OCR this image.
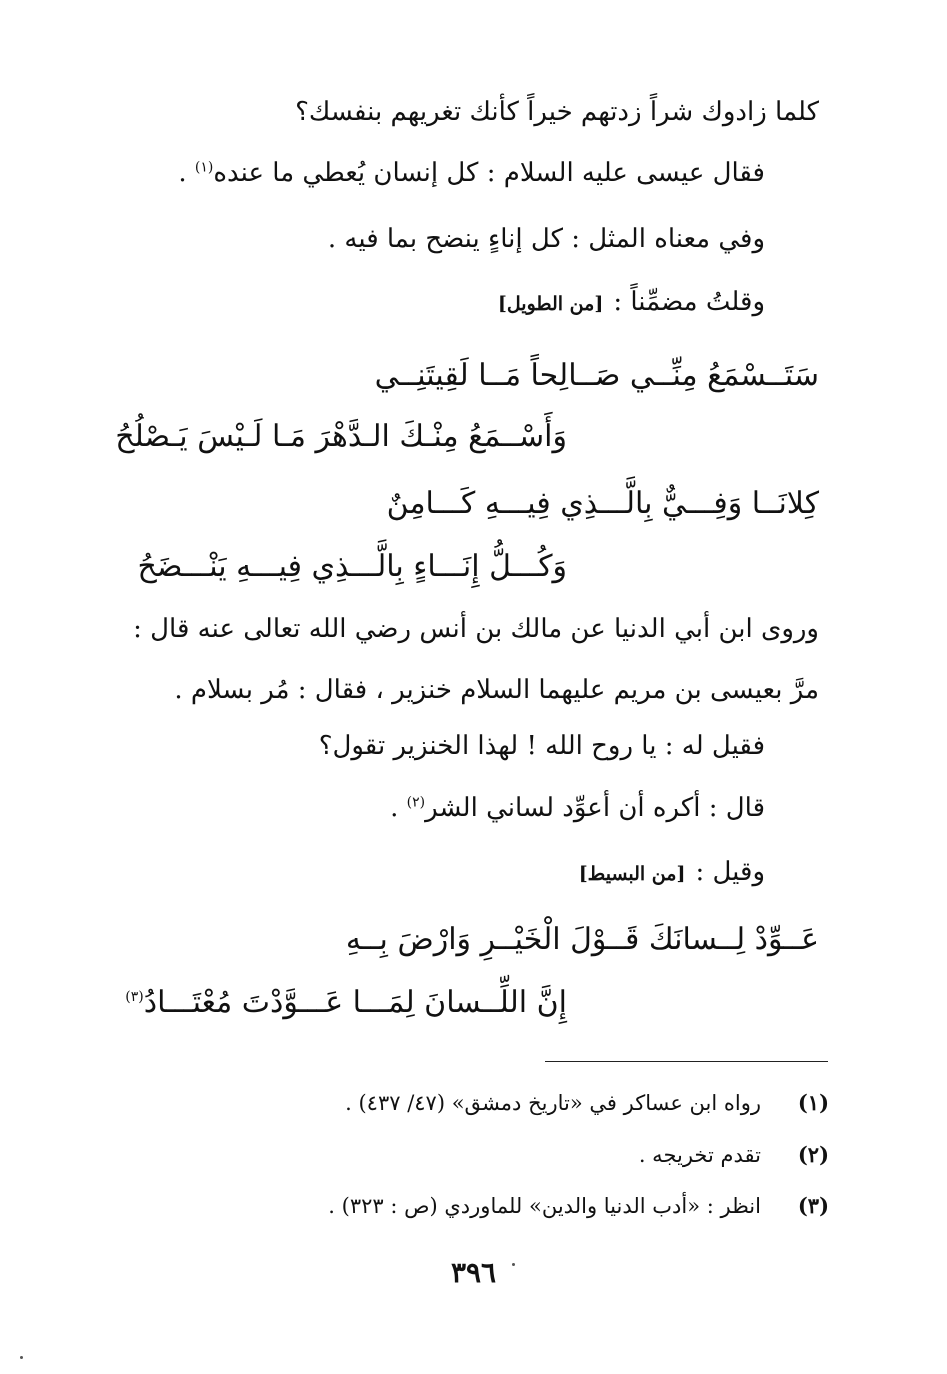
كلما زادوك شراً زدتهم خيراً كأنك تغريهم بنفسك؟
فقال عيسى عليه السلام : كل إنسان يُعطي ما عنده$^{(١)}$ .
وفي معناه المثل : كل إناءٍ ينضح بما فيه .
وقلتُ مضمِّناً :[من الطويل]
سَتَــسْمَعُ مِنِّــي صَــالِحاً مَــا لَقِيتَنِــي
وَأَسْــمَعُ مِنْـكَ الـدَّهْرَ مَـا لَـيْسَ يَـصْلُحُ
كِلانَــا وَفِـــيٌّ بِالَّـــذِي فِيـــهِ كَـــامِنٌ
وَكُـــلُّ إِنَـــاءٍ بِالَّـــذِي فِيـــهِ يَنْـــضَحُ
وروى ابن أبي الدنيا عن مالك بن أنس رضي الله تعالى عنه قال :
مرَّ بعيسى بن مريم عليهما السلام خنزير ، فقال : مُر بسلام .
فقيل له : يا روح الله ! لهذا الخنزير تقول؟
قال : أكره أن أعوِّد لساني الشر$^{(٢)}$ .
وقيل :[من البسيط]
عَــوِّدْ لِــسانَكَ قَــوْلَ الْخَيْــرِ وَارْضَ بِــهِ
إِنَّ اللِّــسانَ لِمَـــا عَـــوَّدْتَ مُعْتَـــادُ$^{(٣)}$
(١)رواه ابن عساكر في «تاريخ دمشق» (٤٧/ ٤٣٧) .
(٢)تقدم تخريجه .
(٣)انظر : «أدب الدنيا والدين» للماوردي (ص : ٣٢٣) .
٣٩٦
